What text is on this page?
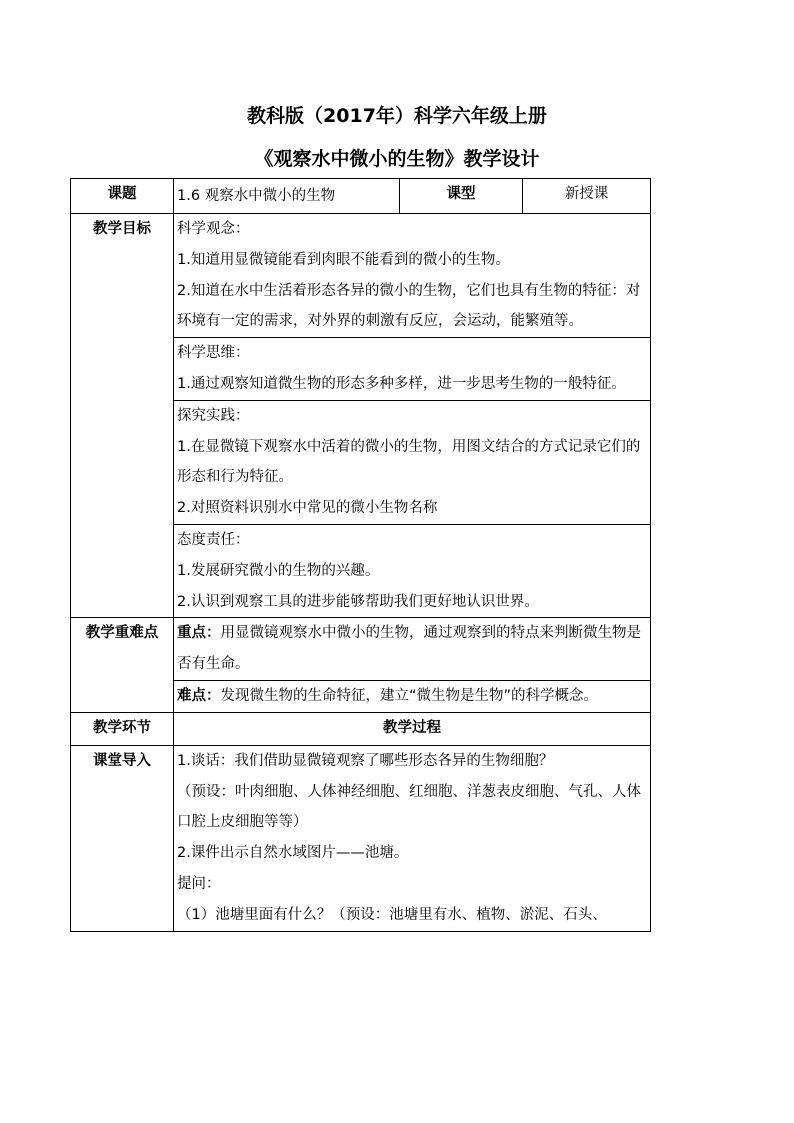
教科版（2017年）科学六年级上册
《观察水中微小的生物》教学设计
课题	1.6 观察水中微小的生物	课型	新授课
教学目标	科学观念：
1.知道用显微镜能看到肉眼不能看到的微小的生物。
2.知道在水中生活着形态各异的微小的生物，它们也具有生物的特征：对环境有一定的需求，对外界的刺激有反应，会运动，能繁殖等。		

	科学思维：
1.通过观察知道微生物的形态多种多样，进一步思考生物的一般特征。		

	探究实践：
1.在显微镜下观察水中活着的微小的生物，用图文结合的方式记录它们的形态和行为特征。
2.对照资料识别水中常见的微小生物名称		

	态度责任：
1.发展研究微小的生物的兴趣。
2.认识到观察工具的进步能够帮助我们更好地认识世界。		

教学重难点	重点：用显微镜观察水中微小的生物，通过观察到的特点来判断微生物是否有生命。		
	难点：发现微生物的生命特征，建立“微生物是生物”的科学概念。		
教学环节	教学过程		
课堂导入	1.谈话：我们借助显微镜观察了哪些形态各异的生物细胞？
（预设：叶肉细胞、人体神经细胞、红细胞、洋葱表皮细胞、气孔、人体口腔上皮细胞等等）
2.课件出示自然水域图片——池塘。
提问：
（1）池塘里面有什么？（预设：池塘里有水、植物、淤泥、石头、		
